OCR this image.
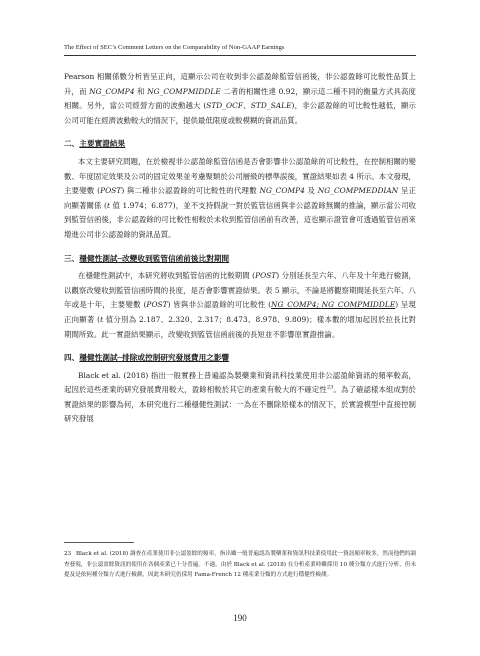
The Effect of SEC’s Comment Letters on the Comparability of Non-GAAP Earnings

Pearson 相關係數分析皆呈正向，這顯示公司在收到非公認盈餘監管信函後，非公認盈餘可比較性品質上升，而 NG_COMP4 和 NG_COMPMIDDLE 二者的相關性達 0.92，顯示這二種不同的衡量方式具高度相關。另外，當公司經營方面的波動越大 (STD_OCF、STD_SALE)，非公認盈餘的可比較性越低，顯示公司可能在經濟波動較大的情況下，提供最低限度或較模糊的資訊品質。

二、主要實證結果

本文主要研究問題，在於檢視非公認盈餘監管信函是否會影響非公認盈餘的可比較性，在控制相關的變數、年度固定效果及公司的固定效果並考慮聚類於公司層級的標準誤後，實證結果如表 4 所示。本文發現，主要變數 (POST) 與二種非公認盈餘的可比較性的代理數 NG_COMP4 及 NG_COMPMEDDIAN 呈正向顯著關係 (t 值 1.974；6.877)，並不支持假說一對於監管信函與非公認盈餘無關的推論，顯示當公司收到監管信函後，非公認盈餘的可比較性相較於未收到監管信函前有改善，這也顯示證管會可透過監管信函來增進公司非公認盈餘的資訊品質。

三、穩健性測試─改變收到監管信函前後比對期間

在穩健性測試中，本研究將收到監管信函的比較期間 (POST) 分別延長至六年、八年及十年進行檢測，以觀察改變收到監管信函時間的長度，是否會影響實證結果。表 5 顯示，不論是將觀察期間延長至六年、八年或是十年，主要變數 (POST) 皆與非公認盈餘的可比較性 (NG_COMP4; NG_COMPMIDDLE) 呈現正向顯著 (t 值分別為 2.187、2.320、2.317；8.473、8.978、9.809)；樣本數的增加起因於拉長比對期間所致。此一實證結果顯示，改變收到監管信函前後的長短並不影響原實證推論。

四、穩健性測試─排除或控制研究發展費用之影響

Black et al. (2018) 指出一般實務上普遍認為製藥業和資訊科技業使用非公認盈餘資訊的頻率較高，起因於這些產業的研究發展費用較大，盈餘相較於其它的產業有較大的不確定性$^{23}$。為了確認樣本組成對於實證結果的影響為何，本研究進行二種穩健性測試：一為在不刪除原樣本的情況下，於實證模型中直接控制研究發展

23 Black et al. (2018) 調查在產業使用非公認盈餘的頻率，指出雖一般普遍認為製藥業和資訊科技業使用此一資訊頻率較多，然而他們的調查發現，非公認盈餘資訊的使用在各個產業已十分普遍。不過，由於 Black et al. (2018) 在分析產業時雖採用 10 種分類方式進行分析，但未提及是依何種分類方式進行檢測，因此本研究仍採用 Fama-French 12 種產業分類的方式進行穩健性檢測。
190
